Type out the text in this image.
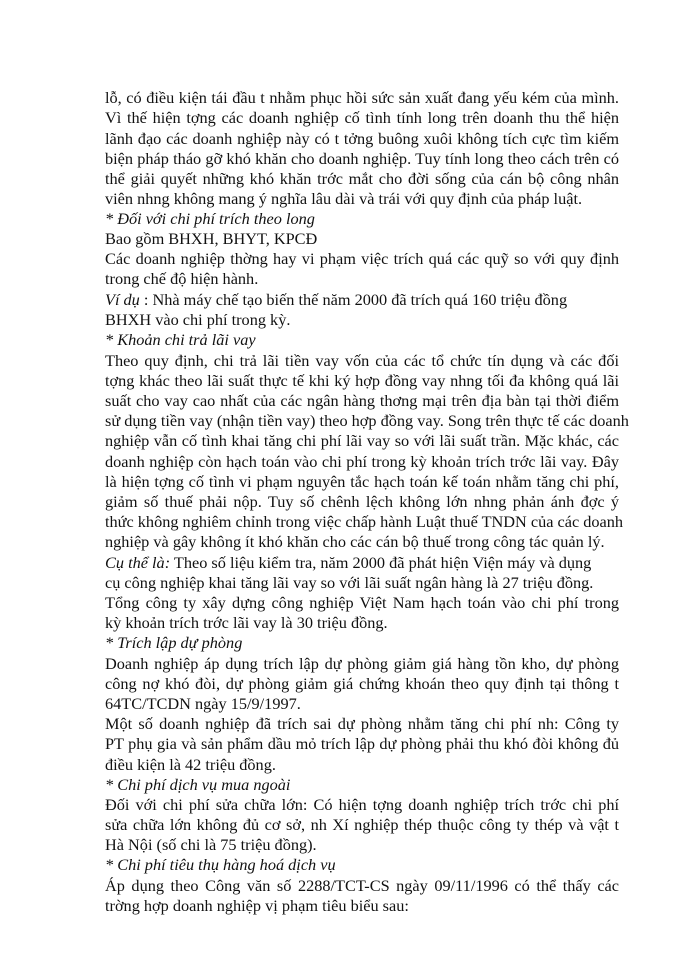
lỗ, có điều kiện tái đầu t nhằm phục hồi sức sản xuất đang yếu kém của mình.
Vì thế hiện tợng các doanh nghiệp cố tình tính long trên doanh thu thể hiện
lãnh đạo các doanh nghiệp này có t tởng buông xuôi không tích cực tìm kiếm
biện pháp tháo gỡ khó khăn cho doanh nghiệp. Tuy tính long theo cách trên có
thể giải quyết những khó khăn trớc mắt cho đời sống của cán bộ công nhân
viên nhng không mang ý nghĩa lâu dài và trái với quy định của pháp luật.
* Đối với chi phí trích theo long
Bao gồm BHXH, BHYT, KPCĐ
Các doanh nghiệp thờng hay vi phạm việc trích quá các quỹ so với quy định
trong chế độ hiện hành.
Ví dụ : Nhà máy chế tạo biến thế năm 2000 đã trích quá 160 triệu đồng
BHXH vào chi phí trong kỳ.
* Khoản chi trả lãi vay
Theo quy định, chi trả lãi tiền vay vốn của các tổ chức tín dụng và các đối
tợng khác theo lãi suất thực tế khi ký hợp đồng vay nhng tối đa không quá lãi
suất cho vay cao nhất của các ngân hàng thơng mại trên địa bàn tại thời điểm
sử dụng tiền vay (nhận tiền vay) theo hợp đồng vay. Song trên thực tế các doanh
nghiệp vẫn cố tình khai tăng chi phí lãi vay so với lãi suất trần. Mặc khác, các
doanh nghiệp còn hạch toán vào chi phí trong kỳ khoản trích trớc lãi vay. Đây
là hiện tợng cố tình vi phạm nguyên tắc hạch toán kế toán nhằm tăng chi phí,
giảm số thuế phải nộp. Tuy số chênh lệch không lớn nhng phản ánh đợc ý
thức không nghiêm chỉnh trong việc chấp hành Luật thuế TNDN của các doanh
nghiệp và gây không ít khó khăn cho các cán bộ thuế trong công tác quản lý.
Cụ thể là: Theo số liệu kiểm tra, năm 2000 đã phát hiện Viện máy và dụng
cụ công nghiệp khai tăng lãi vay so với lãi suất ngân hàng là 27 triệu đồng.
Tổng công ty xây dựng công nghiệp Việt Nam hạch toán vào chi phí trong
kỳ khoản trích trớc lãi vay là 30 triệu đồng.
* Trích lập dự phòng
Doanh nghiệp áp dụng trích lập dự phòng giảm giá hàng tồn kho, dự phòng
công nợ khó đòi, dự phòng giảm giá chứng khoán theo quy định tại thông t
64TC/TCDN ngày 15/9/1997.
Một số doanh nghiệp đã trích sai dự phòng nhằm tăng chi phí nh: Công ty
PT phụ gia và sản phẩm dầu mỏ trích lập dự phòng phải thu khó đòi không đủ
điều kiện là 42 triệu đồng.
* Chi phí dịch vụ mua ngoài
Đối với chi phí sửa chữa lớn: Có hiện tợng doanh nghiệp trích trớc chi phí
sửa chữa lớn không đủ cơ sở, nh Xí nghiệp thép thuộc công ty thép và vật t
Hà Nội (số chi là 75 triệu đồng).
* Chi phí tiêu thụ hàng hoá dịch vụ
Áp dụng theo Công văn số 2288/TCT-CS ngày 09/11/1996 có thể thấy các
trờng hợp doanh nghiệp vị phạm tiêu biểu sau:
